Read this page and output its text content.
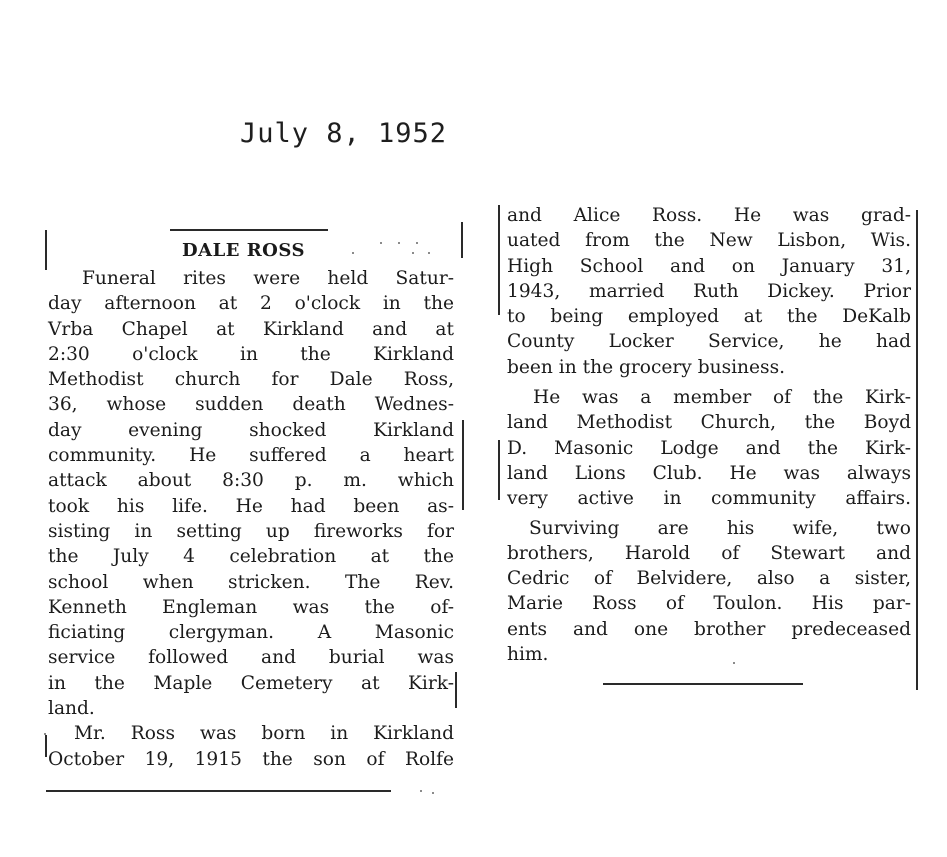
July 8, 1952
DALE ROSS
Funeral rites were held Satur-
day afternoon at 2 o'clock in the
Vrba Chapel at Kirkland and at
2:30 o'clock in the Kirkland
Methodist church for Dale Ross,
36, whose sudden death Wednes-
day evening shocked Kirkland
community. He suffered a heart
attack about 8:30 p. m. which
took his life. He had been as-
sisting in setting up fireworks for
the July 4 celebration at the
school when stricken. The Rev.
Kenneth Engleman was the of-
ficiating clergyman. A Masonic
service followed and burial was
in the Maple Cemetery at Kirk-
land.
Mr. Ross was born in Kirkland
October 19, 1915 the son of Rolfe
and Alice Ross. He was grad-
uated from the New Lisbon, Wis.
High School and on January 31,
1943, married Ruth Dickey. Prior
to being employed at the DeKalb
County Locker Service, he had
been in the grocery business.
He was a member of the Kirk-
land Methodist Church, the Boyd
D. Masonic Lodge and the Kirk-
land Lions Club. He was always
very active in community affairs.
Surviving are his wife, two
brothers, Harold of Stewart and
Cedric of Belvidere, also a sister,
Marie Ross of Toulon. His par-
ents and one brother predeceased
him.
